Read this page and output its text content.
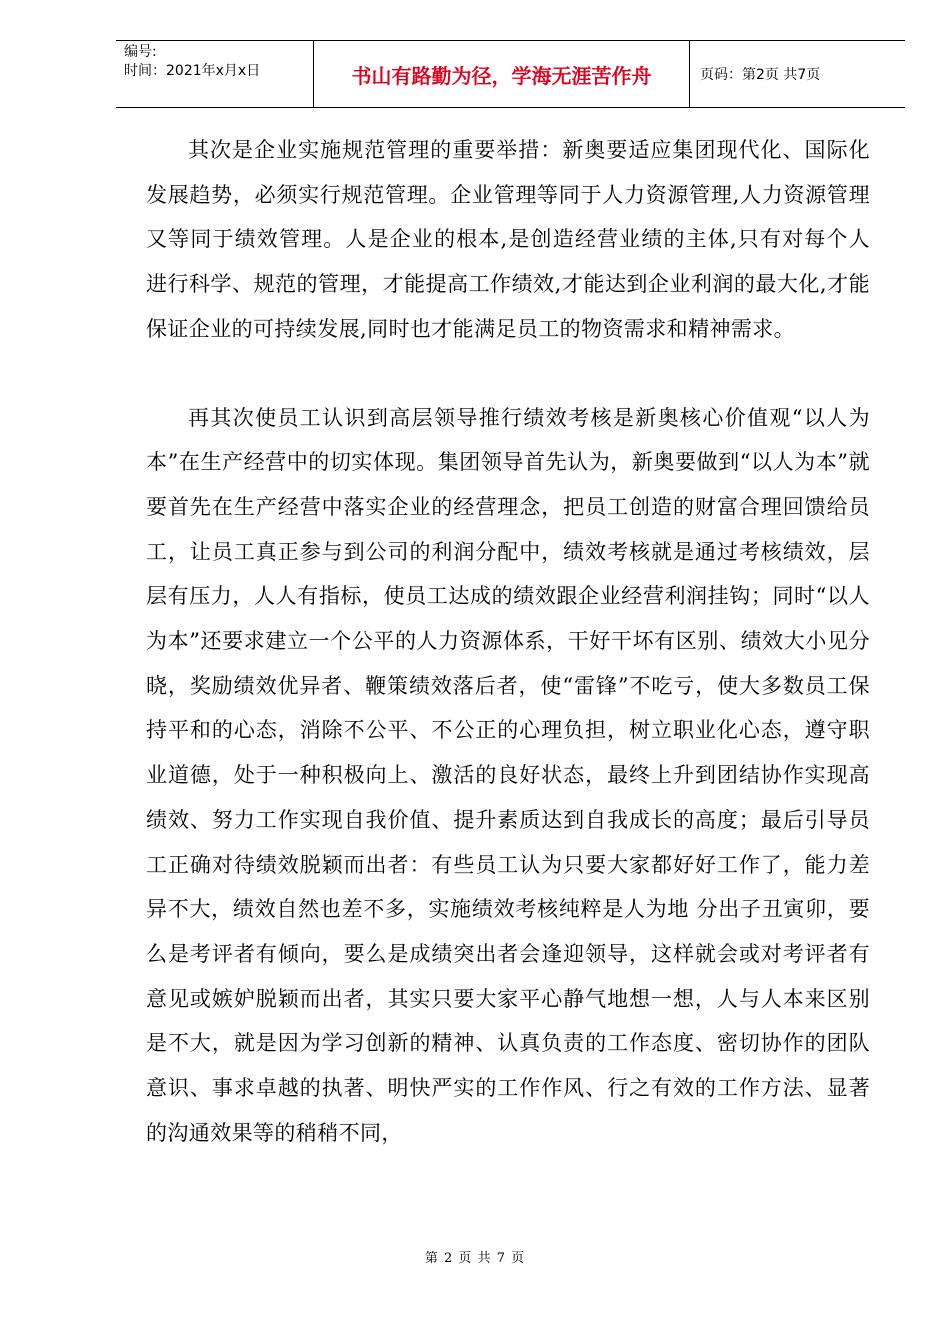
编号:
时间：2021年x月x日	书山有路勤为径，学海无涯苦作舟	页码：第2页 共7页

其次是企业实施规范管理的重要举措：新奥要适应集团现代化、国际化发展趋势，必须实行规范管理。企业管理等同于人力资源管理,人力资源管理又等同于绩效管理。人是企业的根本,是创造经营业绩的主体,只有对每个人 进行科学、规范的管理，才能提高工作绩效,才能达到企业利润的最大化,才能保证企业的可持续发展,同时也才能满足员工的物资需求和精神需求。

再其次使员工认识到高层领导推行绩效考核是新奥核心价值观“以人为本”在生产经营中的切实体现。集团领导首先认为，新奥要做到“以人为本”就要首先在生产经营中落实企业的经营理念，把员工创造的财富合理回馈给员工，让员工真正参与到公司的利润分配中，绩效考核就是通过考核绩效，层层有压力，人人有指标，使员工达成的绩效跟企业经营利润挂钩；同时“以人为本”还要求建立一个公平的人力资源体系，干好干坏有区别、绩效大小见分晓，奖励绩效优异者、鞭策绩效落后者，使“雷锋”不吃亏，使大多数员工保持平和的心态，消除不公平、不公正的心理负担，树立职业化心态，遵守职业道德，处于一种积极向上、激活的良好状态，最终上升到团结协作实现高绩效、努力工作实现自我价值、提升素质达到自我成长的高度；最后引导员工正确对待绩效脱颖而出者：有些员工认为只要大家都好好工作了，能力差异不大，绩效自然也差不多，实施绩效考核纯粹是人为地 分出子丑寅卯，要么是考评者有倾向，要么是成绩突出者会逢迎领导，这样就会或对考评者有意见或嫉妒脱颖而出者，其实只要大家平心静气地想一想，人与人本来区别是不大，就是因为学习创新的精神、认真负责的工作态度、密切协作的团队意识、事求卓越的执著、明快严实的工作作风、行之有效的工作方法、显著的沟通效果等的稍稍不同，

第 2 页 共 7 页
